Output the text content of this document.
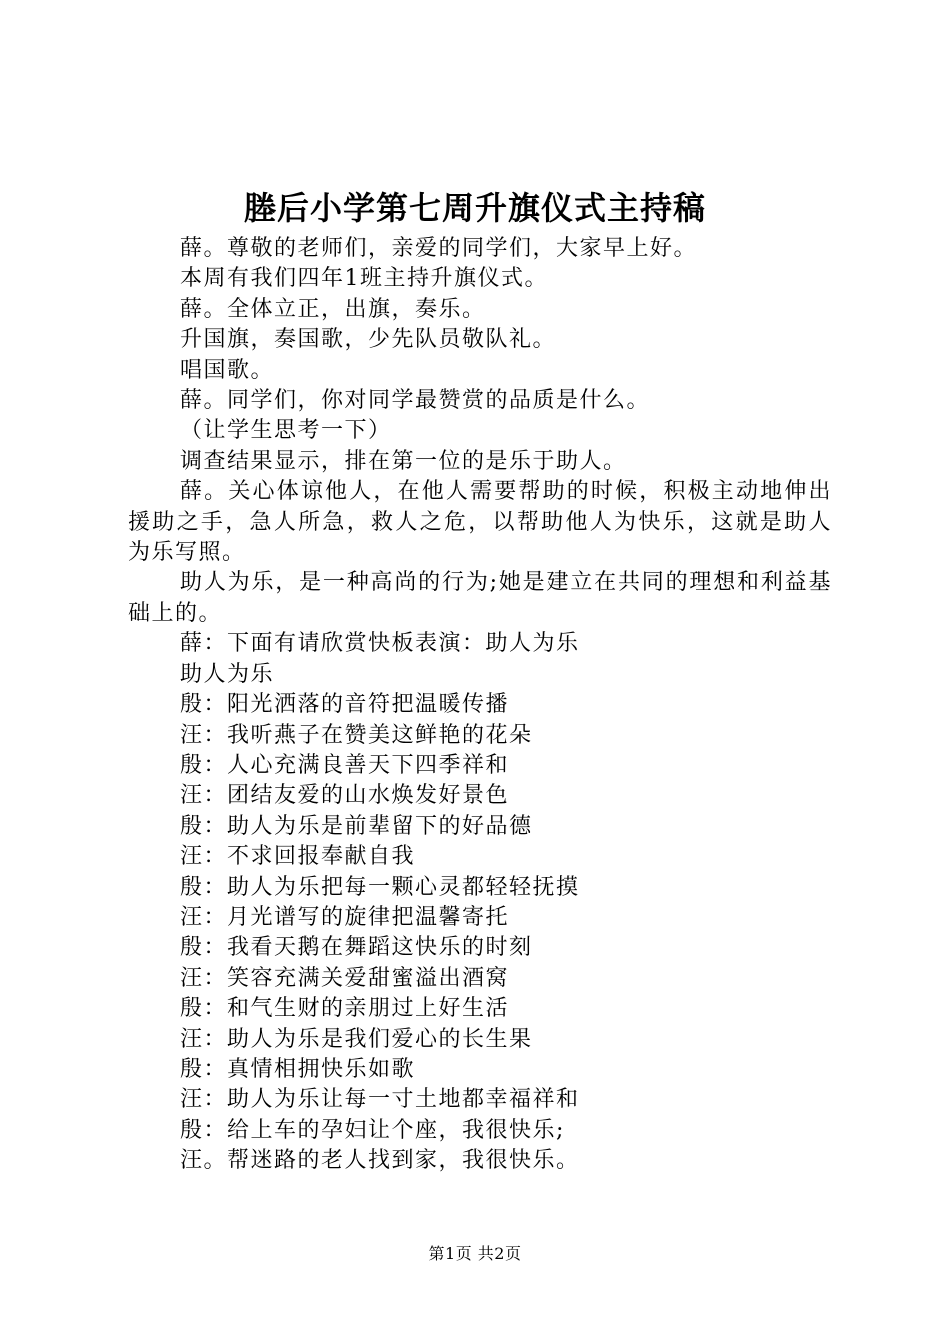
塍后小学第七周升旗仪式主持稿

薛。尊敬的老师们，亲爱的同学们，大家早上好。

本周有我们四年1班主持升旗仪式。

薛。全体立正，出旗，奏乐。

升国旗，奏国歌，少先队员敬队礼。

唱国歌。

薛。同学们，你对同学最赞赏的品质是什么。

（让学生思考一下）

调查结果显示，排在第一位的是乐于助人。

薛。关心体谅他人，在他人需要帮助的时候，积极主动地伸出援助之手，急人所急，救人之危，以帮助他人为快乐，这就是助人为乐写照。

助人为乐，是一种高尚的行为;她是建立在共同的理想和利益基础上的。

薛：下面有请欣赏快板表演：助人为乐

助人为乐

殷：阳光洒落的音符把温暖传播

汪：我听燕子在赞美这鲜艳的花朵

殷：人心充满良善天下四季祥和

汪：团结友爱的山水焕发好景色

殷：助人为乐是前辈留下的好品德

汪：不求回报奉献自我

殷：助人为乐把每一颗心灵都轻轻抚摸

汪：月光谱写的旋律把温馨寄托

殷：我看天鹅在舞蹈这快乐的时刻

汪：笑容充满关爱甜蜜溢出酒窝

殷：和气生财的亲朋过上好生活

汪：助人为乐是我们爱心的长生果

殷：真情相拥快乐如歌

汪：助人为乐让每一寸土地都幸福祥和

殷：给上车的孕妇让个座，我很快乐;

汪。帮迷路的老人找到家，我很快乐。

第1页 共2页
